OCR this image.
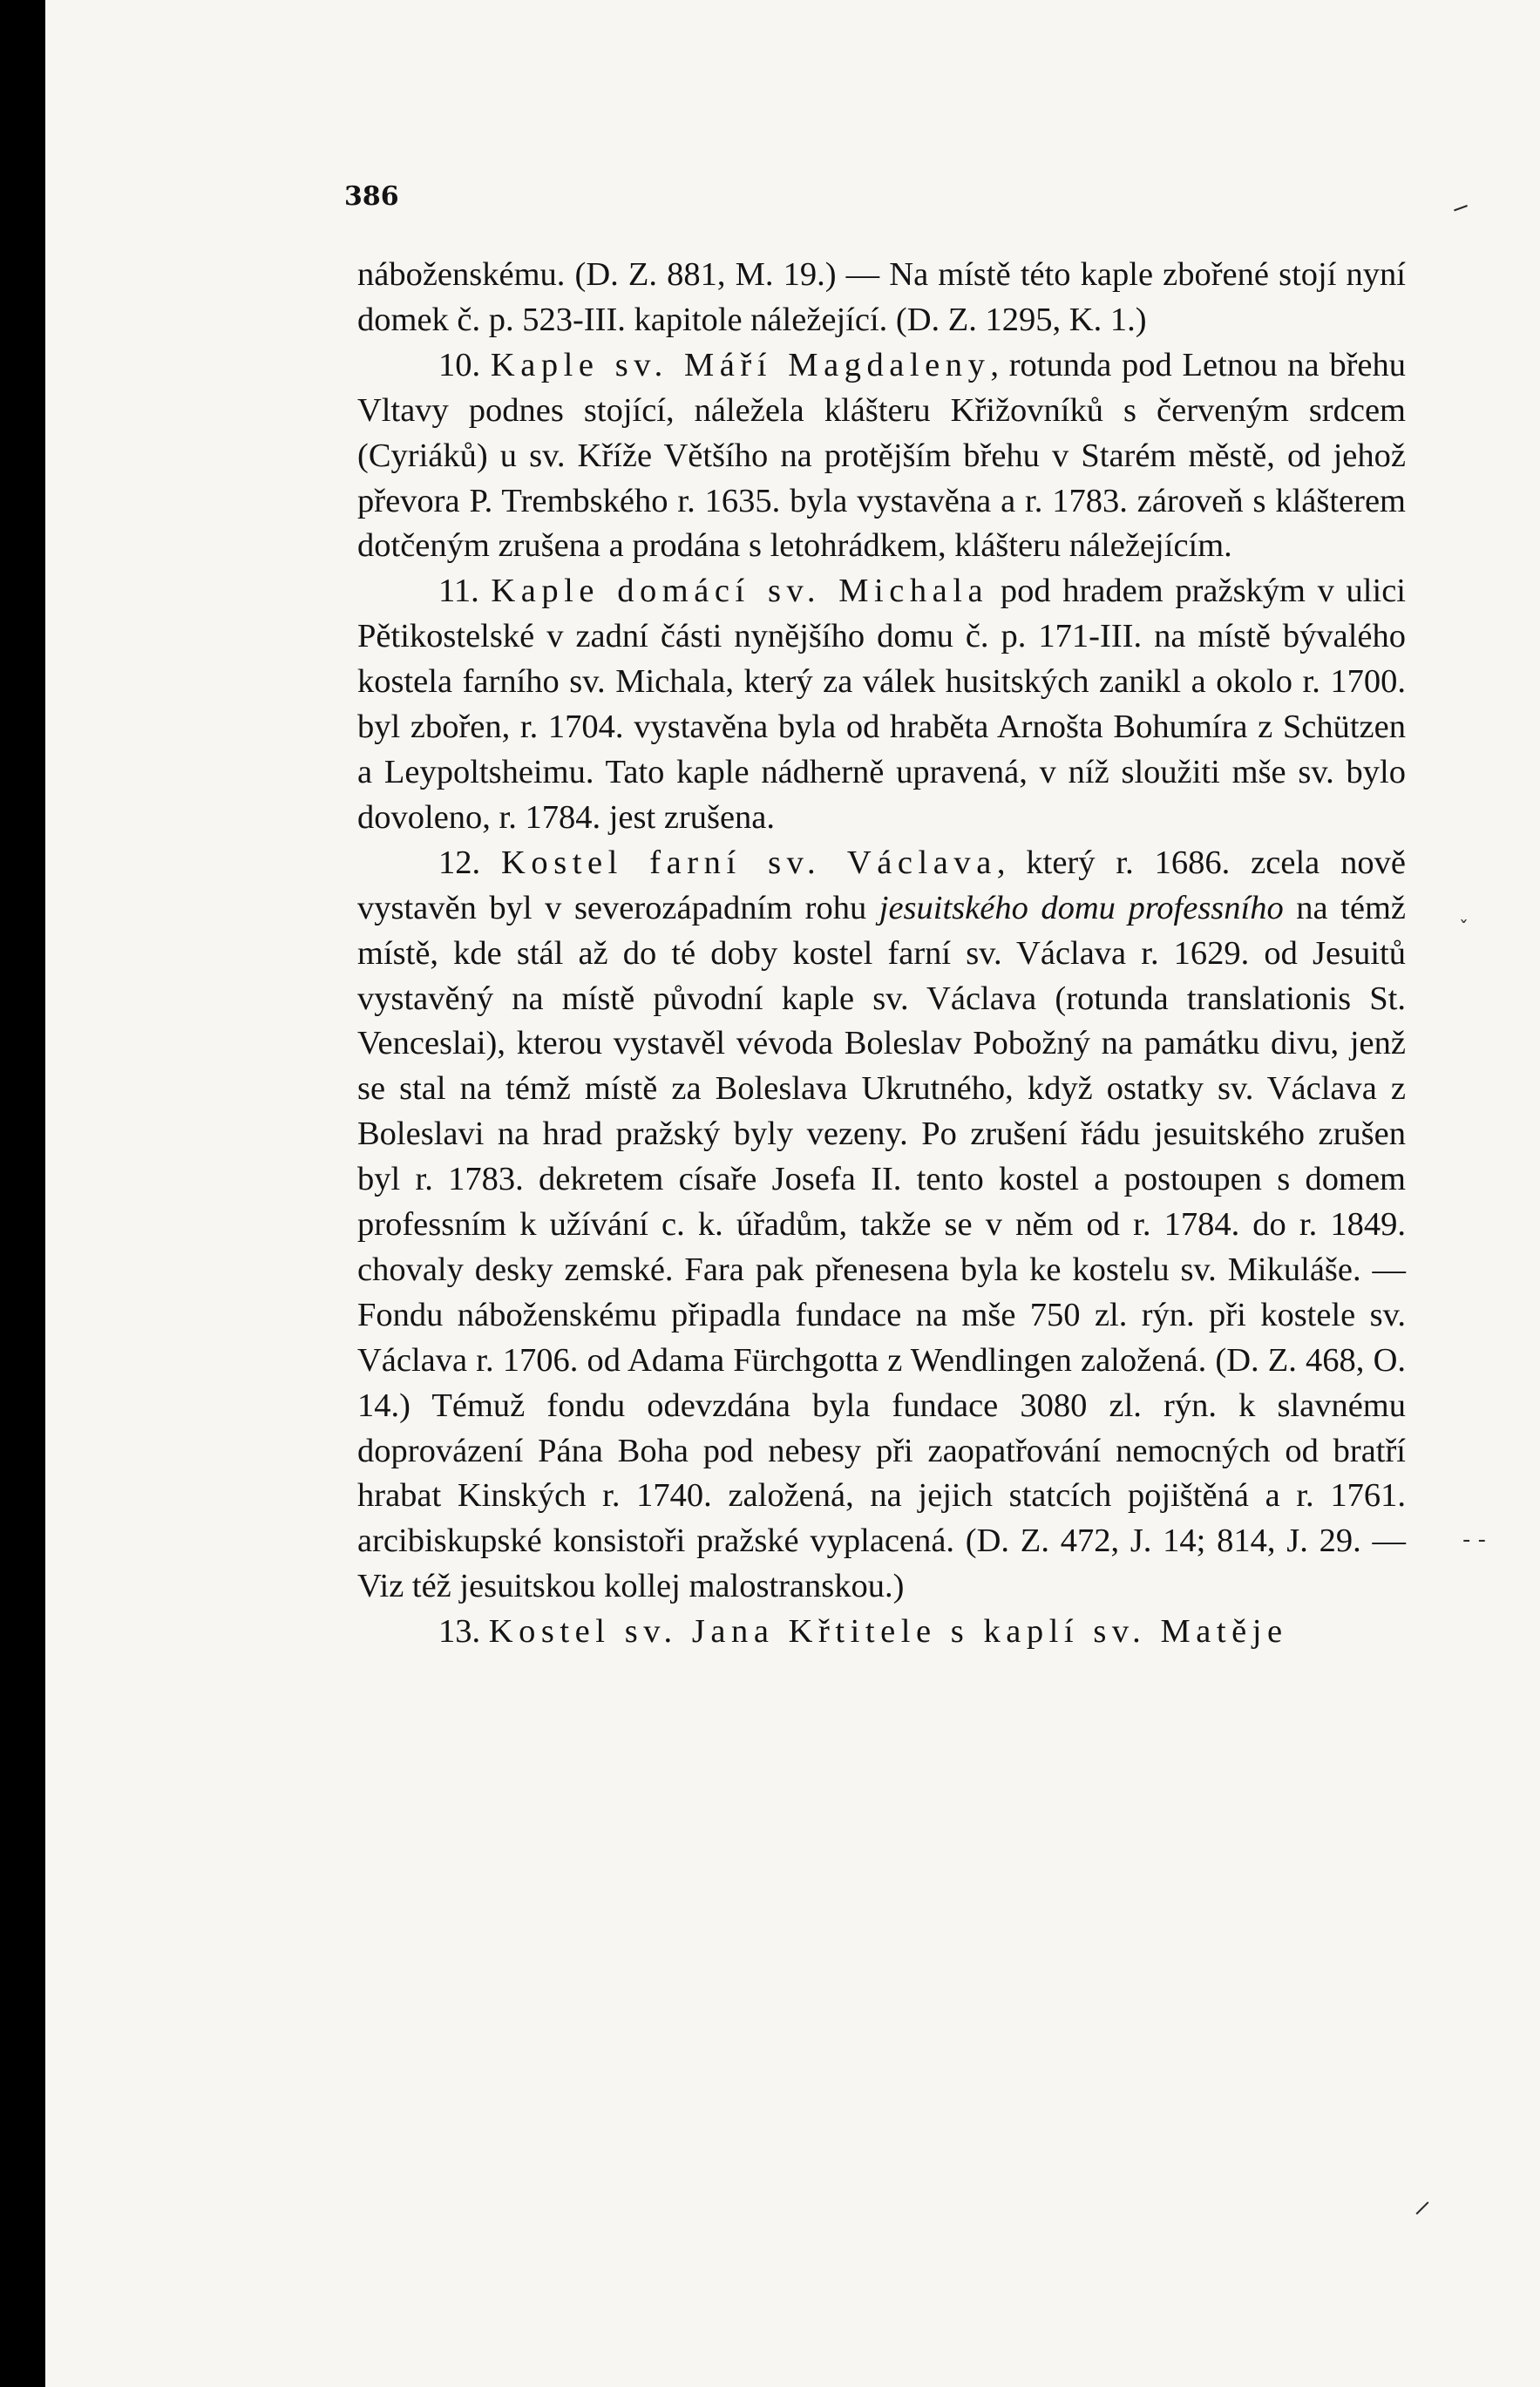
386	‒
ˇ
- -
⸝

náboženskému. (D. Z. 881, M. 19.) — Na místě této kaple zbořené stojí nyní domek č. p. 523-III. kapitole náležející. (D. Z. 1295, K. 1.)

10. Kaple sv. Máří Magdaleny, rotunda pod Letnou na břehu Vltavy podnes stojící, náležela klášteru Křižovníků s červeným srdcem (Cyriáků) u sv. Kříže Většího na protějším břehu v Starém městě, od jehož převora P. Trembského r. 1635. byla vystavěna a r. 1783. zároveň s klášterem dotčeným zrušena a prodána s letohrádkem, klášteru náležejícím.

11. Kaple domácí sv. Michala pod hradem pražským v ulici Pětikostelské v zadní části nynějšího domu č. p. 171-III. na místě bývalého kostela farního sv. Michala, který za válek husitských zanikl a okolo r. 1700. byl zbořen, r. 1704. vystavěna byla od hraběta Arnošta Bohumíra z Schützen a Leypoltsheimu. Tato kaple nádherně upravená, v níž sloužiti mše sv. bylo dovoleno, r. 1784. jest zrušena.

12. Kostel farní sv. Václava, který r. 1686. zcela nově vystavěn byl v severozápadním rohu jesuitského domu professního na témž místě, kde stál až do té doby kostel farní sv. Václava r. 1629. od Jesuitů vystavěný na místě původní kaple sv. Václava (rotunda translationis St. Venceslai), kterou vystavěl vévoda Boleslav Pobožný na památku divu, jenž se stal na témž místě za Boleslava Ukrutného, když ostatky sv. Václava z Boleslavi na hrad pražský byly vezeny. Po zrušení řádu jesuitského zrušen byl r. 1783. dekretem císaře Josefa II. tento kostel a postoupen s domem professním k užívání c. k. úřadům, takže se v něm od r. 1784. do r. 1849. chovaly desky zemské. Fara pak přenesena byla ke kostelu sv. Mikuláše. — Fondu náboženskému připadla fundace na mše 750 zl. rýn. při kostele sv. Václava r. 1706. od Adama Fürchgotta z Wendlingen založená. (D. Z. 468, O. 14.) Témuž fondu odevzdána byla fundace 3080 zl. rýn. k slavnému doprovázení Pána Boha pod nebesy při zaopatřování nemocných od bratří hrabat Kinských r. 1740. založená, na jejich statcích pojištěná a r. 1761. arcibiskupské konsistoři pražské vyplacená. (D. Z. 472, J. 14; 814, J. 29. — Viz též jesuitskou kollej malostranskou.)

13. Kostel sv. Jana Křtitele s kaplí sv. Matěje
